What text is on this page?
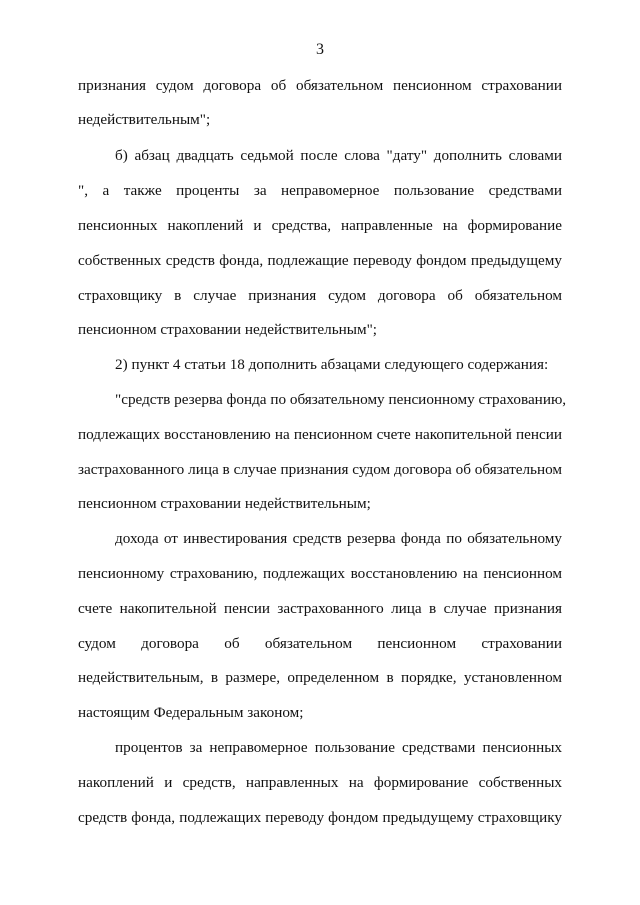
3
признания судом договора об обязательном пенсионном страховании
недействительным";
б) абзац двадцать седьмой после слова "дату" дополнить словами
", а также проценты за неправомерное пользование средствами
пенсионных накоплений и средства, направленные на формирование
собственных средств фонда, подлежащие переводу фондом предыдущему
страховщику в случае признания судом договора об обязательном
пенсионном страховании недействительным";
2) пункт 4 статьи 18 дополнить абзацами следующего содержания:
"средств резерва фонда по обязательному пенсионному страхованию,
подлежащих восстановлению на пенсионном счете накопительной пенсии
застрахованного лица в случае признания судом договора об обязательном
пенсионном страховании недействительным;
дохода от инвестирования средств резерва фонда по обязательному
пенсионному страхованию, подлежащих восстановлению на пенсионном
счете накопительной пенсии застрахованного лица в случае признания
судом договора об обязательном пенсионном страховании
недействительным, в размере, определенном в порядке, установленном
настоящим Федеральным законом;
процентов за неправомерное пользование средствами пенсионных
накоплений и средств, направленных на формирование собственных
средств фонда, подлежащих переводу фондом предыдущему страховщику
